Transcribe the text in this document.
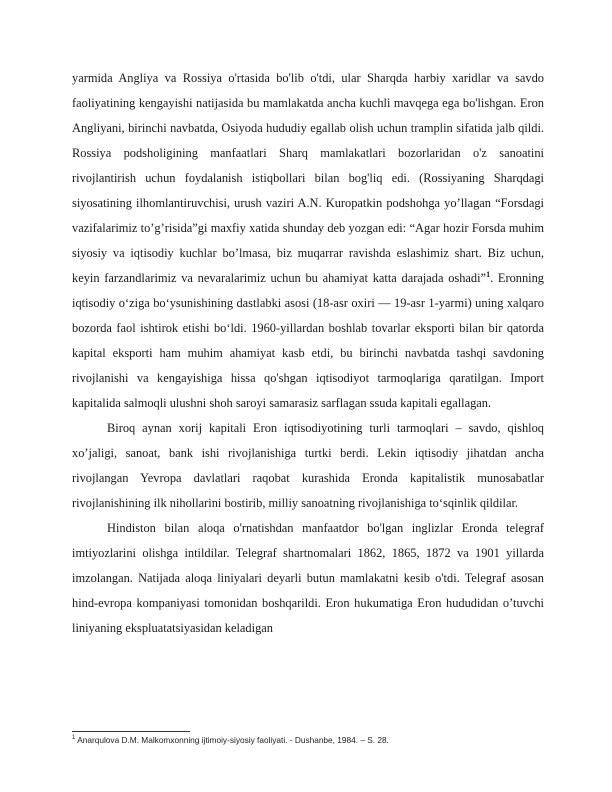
yarmida Angliya va Rossiya o'rtasida bo'lib o'tdi, ular Sharqda harbiy xaridlar va savdo faoliyatining kengayishi natijasida bu mamlakatda ancha kuchli mavqega ega bo'lishgan. Eron Angliyani, birinchi navbatda, Osiyoda hududiy egallab olish uchun tramplin sifatida jalb qildi. Rossiya podsholigining manfaatlari Sharq mamlakatlari bozorlaridan o'z sanoatini rivojlantirish uchun foydalanish istiqbollari bilan bog'liq edi. (Rossiyaning Sharqdagi siyosatining ilhomlantiruvchisi, urush vaziri A.N. Kuropatkin podshohga yo’llagan “Forsdagi vazifalarimiz to’g’risida”gi maxfiy xatida shunday deb yozgan edi: “Agar hozir Forsda muhim siyosiy va iqtisodiy kuchlar bo’lmasa, biz muqarrar ravishda eslashimiz shart. Biz uchun, keyin farzandlarimiz va nevaralarimiz uchun bu ahamiyat katta darajada oshadi”$^1$. Eronning iqtisodiy o‘ziga bo‘ysunishining dastlabki asosi (18-asr oxiri — 19-asr 1-yarmi) uning xalqaro bozorda faol ishtirok etishi bo‘ldi. 1960-yillardan boshlab tovarlar eksporti bilan bir qatorda kapital eksporti ham muhim ahamiyat kasb etdi, bu birinchi navbatda tashqi savdoning rivojlanishi va kengayishiga hissa qo'shgan iqtisodiyot tarmoqlariga qaratilgan. Import kapitalida salmoqli ulushni shoh saroyi samarasiz sarflagan ssuda kapitali egallagan.

Biroq aynan xorij kapitali Eron iqtisodiyotining turli tarmoqlari – savdo, qishloq xo’jaligi, sanoat, bank ishi rivojlanishiga turtki berdi. Lekin iqtisodiy jihatdan ancha rivojlangan Yevropa davlatlari raqobat kurashida Eronda kapitalistik munosabatlar rivojlanishining ilk nihollarini bostirib, milliy sanoatning rivojlanishiga to‘sqinlik qildilar.

Hindiston bilan aloqa o'rnatishdan manfaatdor bo'lgan inglizlar Eronda telegraf imtiyozlarini olishga intildilar. Telegraf shartnomalari 1862, 1865, 1872 va 1901 yillarda imzolangan. Natijada aloqa liniyalari deyarli butun mamlakatni kesib o'tdi. Telegraf asosan hind-evropa kompaniyasi tomonidan boshqarildi. Eron hukumatiga Eron hududidan o’tuvchi liniyaning ekspluatatsiyasidan keladigan

$^1$ Anarqulova D.M. Malkomxonning ijtimoiy-siyosiy faoliyati. - Dushanbe, 1984. – S. 28.
